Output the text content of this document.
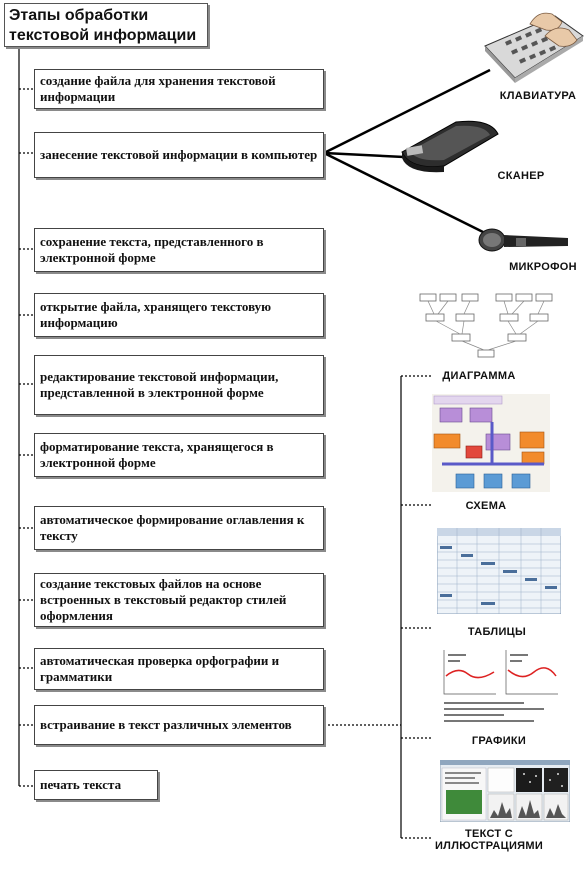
Этапы обработки текстовой информации
создание файла для хранения текстовой информации
занесение текстовой информации в компьютер
сохранение текста, представленного в электронной форме
открытие файла, хранящего текстовую информацию
редактирование текстовой информации, представленной в электронной форме
форматирование текста, хранящегося в электронной форме
автоматическое формирование оглавления к тексту
создание текстовых файлов на основе встроенных в текстовый редактор стилей оформления
автоматическая проверка орфографии и грамматики
встраивание в текст различных элементов
печать текста
КЛАВИАТУРА
СКАНЕР
МИКРОФОН
ДИАГРАММА
СХЕМА
ТАБЛИЦЫ
ГРАФИКИ
ТЕКСТ С ИЛЛЮСТРАЦИЯМИ
